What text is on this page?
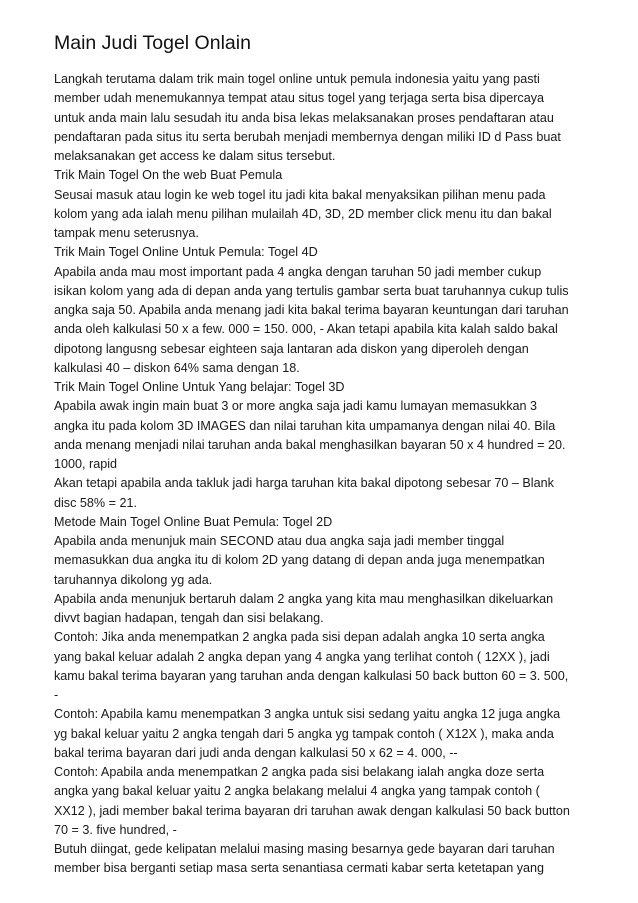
Main Judi Togel Onlain
Langkah terutama dalam trik main togel online untuk pemula indonesia yaitu yang pasti
member udah menemukannya tempat atau situs togel yang terjaga serta bisa dipercaya
untuk anda main lalu sesudah itu anda bisa lekas melaksanakan proses pendaftaran atau
pendaftaran pada situs itu serta berubah menjadi membernya dengan miliki ID d Pass buat
melaksanakan get access ke dalam situs tersebut.
Trik Main Togel On the web Buat Pemula
Seusai masuk atau login ke web togel itu jadi kita bakal menyaksikan pilihan menu pada
kolom yang ada ialah menu pilihan mulailah 4D, 3D, 2D member click menu itu dan bakal
tampak menu seterusnya.
Trik Main Togel Online Untuk Pemula: Togel 4D
Apabila anda mau most important pada 4 angka dengan taruhan 50 jadi member cukup
isikan kolom yang ada di depan anda yang tertulis gambar serta buat taruhannya cukup tulis
angka saja 50. Apabila anda menang jadi kita bakal terima bayaran keuntungan dari taruhan
anda oleh kalkulasi 50 x a few. 000 = 150. 000, - Akan tetapi apabila kita kalah saldo bakal
dipotong langusng sebesar eighteen saja lantaran ada diskon yang diperoleh dengan
kalkulasi 40 – diskon 64% sama dengan 18.
Trik Main Togel Online Untuk Yang belajar: Togel 3D
Apabila awak ingin main buat 3 or more angka saja jadi kamu lumayan memasukkan 3
angka itu pada kolom 3D IMAGES dan nilai taruhan kita umpamanya dengan nilai 40. Bila
anda menang menjadi nilai taruhan anda bakal menghasilkan bayaran 50 x 4 hundred = 20.
1000, rapid
Akan tetapi apabila anda takluk jadi harga taruhan kita bakal dipotong sebesar 70 – Blank
disc 58% = 21.
Metode Main Togel Online Buat Pemula: Togel 2D
Apabila anda menunjuk main SECOND atau dua angka saja jadi member tinggal
memasukkan dua angka itu di kolom 2D yang datang di depan anda juga menempatkan
taruhannya dikolong yg ada.
Apabila anda menunjuk bertaruh dalam 2 angka yang kita mau menghasilkan dikeluarkan
divvt bagian hadapan, tengah dan sisi belakang.
Contoh: Jika anda menempatkan 2 angka pada sisi depan adalah angka 10 serta angka
yang bakal keluar adalah 2 angka depan yang 4 angka yang terlihat contoh ( 12XX ), jadi
kamu bakal terima bayaran yang taruhan anda dengan kalkulasi 50 back button 60 = 3. 500,
-
Contoh: Apabila kamu menempatkan 3 angka untuk sisi sedang yaitu angka 12 juga angka
yg bakal keluar yaitu 2 angka tengah dari 5 angka yg tampak contoh ( X12X ), maka anda
bakal terima bayaran dari judi anda dengan kalkulasi 50 x 62 = 4. 000, --
Contoh: Apabila anda menempatkan 2 angka pada sisi belakang ialah angka doze serta
angka yang bakal keluar yaitu 2 angka belakang melalui 4 angka yang tampak contoh (
XX12 ), jadi member bakal terima bayaran dri taruhan awak dengan kalkulasi 50 back button
70 = 3. five hundred, -
Butuh diingat, gede kelipatan melalui masing masing besarnya gede bayaran dari taruhan
member bisa berganti setiap masa serta senantiasa cermati kabar serta ketetapan yang
